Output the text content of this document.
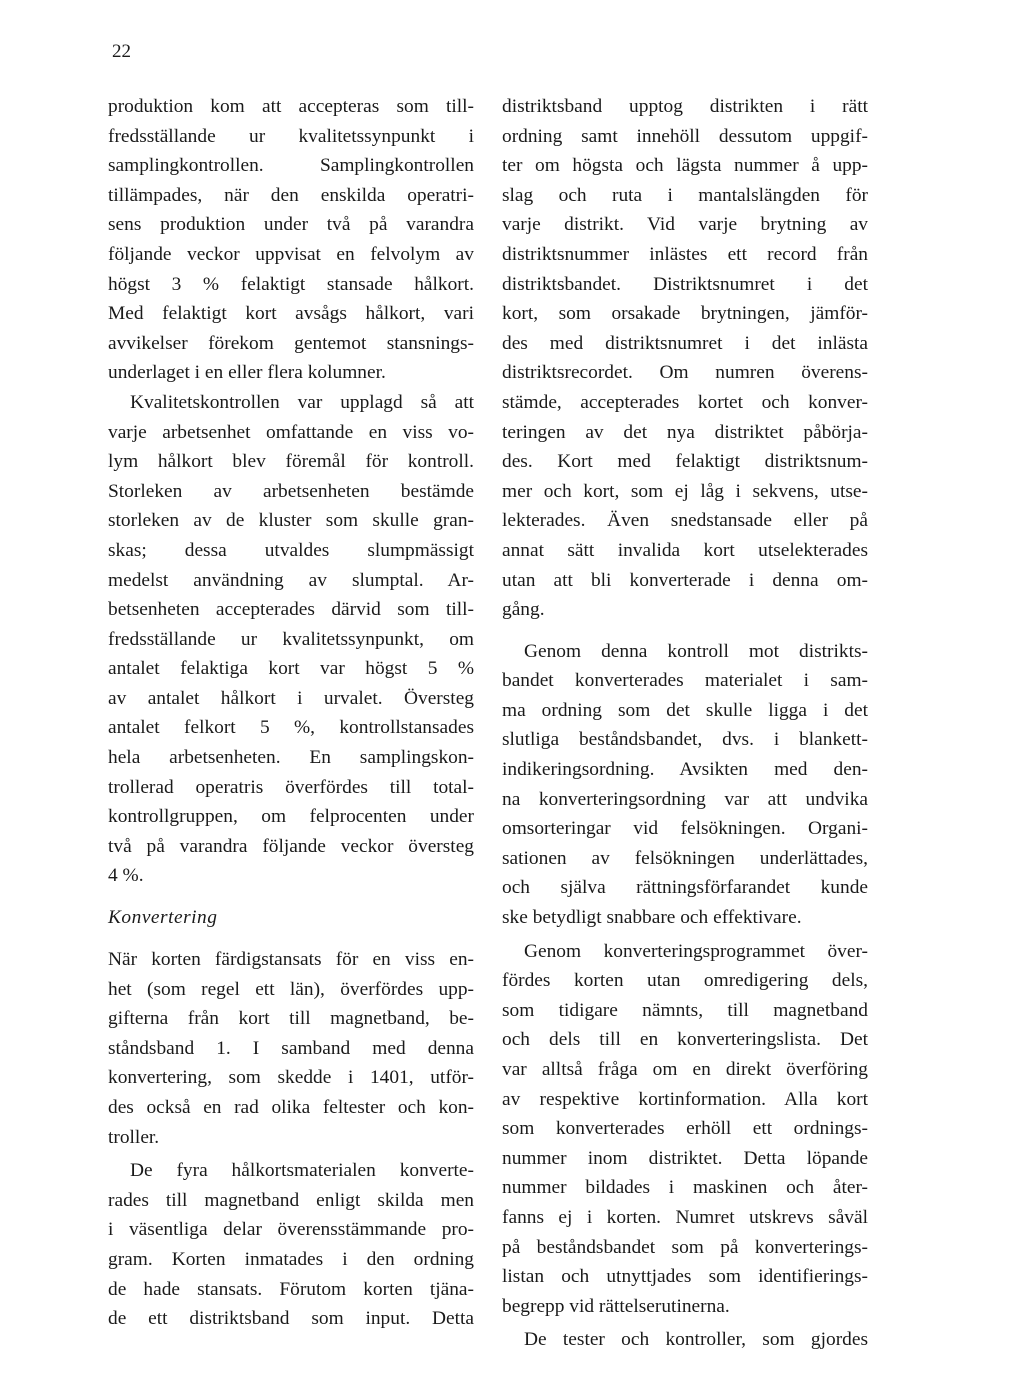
22
produktion kom att accepteras som till-
fredsställande ur kvalitetssynpunkt i
samplingkontrollen. Samplingkontrollen
tillämpades, när den enskilda operatri-
sens produktion under två på varandra
följande veckor uppvisat en felvolym av
högst 3 % felaktigt stansade hålkort.
Med felaktigt kort avsågs hålkort, vari
avvikelser förekom gentemot stansnings-
underlaget i en eller flera kolumner.
Kvalitetskontrollen var upplagd så att
varje arbetsenhet omfattande en viss vo-
lym hålkort blev föremål för kontroll.
Storleken av arbetsenheten bestämde
storleken av de kluster som skulle gran-
skas; dessa utvaldes slumpmässigt
medelst användning av slumptal. Ar-
betsenheten accepterades därvid som till-
fredsställande ur kvalitetssynpunkt, om
antalet felaktiga kort var högst 5 %
av antalet hålkort i urvalet. Översteg
antalet felkort 5 %, kontrollstansades
hela arbetsenheten. En samplingskon-
trollerad operatris överfördes till total-
kontrollgruppen, om felprocenten under
två på varandra följande veckor översteg
4 %.
Konvertering
När korten färdigstansats för en viss en-
het (som regel ett län), överfördes upp-
gifterna från kort till magnetband, be-
ståndsband 1. I samband med denna
konvertering, som skedde i 1401, utför-
des också en rad olika feltester och kon-
troller.
De fyra hålkortsmaterialen konverte-
rades till magnetband enligt skilda men
i väsentliga delar överensstämmande pro-
gram. Korten inmatades i den ordning
de hade stansats. Förutom korten tjäna-
de ett distriktsband som input. Detta
distriktsband upptog distrikten i rätt
ordning samt innehöll dessutom uppgif-
ter om högsta och lägsta nummer å upp-
slag och ruta i mantalslängden för
varje distrikt. Vid varje brytning av
distriktsnummer inlästes ett record från
distriktsbandet. Distriktsnumret i det
kort, som orsakade brytningen, jämför-
des med distriktsnumret i det inlästa
distriktsrecordet. Om numren överens-
stämde, accepterades kortet och konver-
teringen av det nya distriktet påbörja-
des. Kort med felaktigt distriktsnum-
mer och kort, som ej låg i sekvens, utse-
lekterades. Även snedstansade eller på
annat sätt invalida kort utselekterades
utan att bli konverterade i denna om-
gång.
Genom denna kontroll mot distrikts-
bandet konverterades materialet i sam-
ma ordning som det skulle ligga i det
slutliga beståndsbandet, dvs. i blankett-
indikeringsordning. Avsikten med den-
na konverteringsordning var att undvika
omsorteringar vid felsökningen. Organi-
sationen av felsökningen underlättades,
och själva rättningsförfarandet kunde
ske betydligt snabbare och effektivare.
Genom konverteringsprogrammet över-
fördes korten utan omredigering dels,
som tidigare nämnts, till magnetband
och dels till en konverteringslista. Det
var alltså fråga om en direkt överföring
av respektive kortinformation. Alla kort
som konverterades erhöll ett ordnings-
nummer inom distriktet. Detta löpande
nummer bildades i maskinen och åter-
fanns ej i korten. Numret utskrevs såväl
på beståndsbandet som på konverterings-
listan och utnyttjades som identifierings-
begrepp vid rättelserutinerna.
De tester och kontroller, som gjordes
